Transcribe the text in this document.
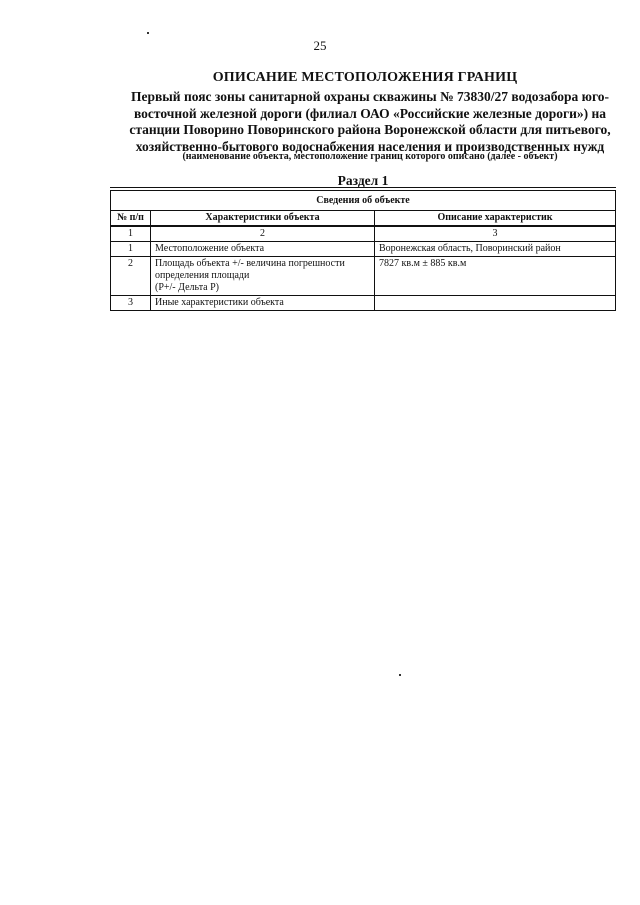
25
ОПИСАНИЕ МЕСТОПОЛОЖЕНИЯ ГРАНИЦ
Первый пояс зоны санитарной охраны скважины № 73830/27 водозабора юго-
восточной железной дороги (филиал ОАО «Российские железные дороги») на
станции Поворино Поворинского района Воронежской области для питьевого,
хозяйственно-бытового водоснабжения населения и производственных нужд
(наименование объекта, местоположение границ которого описано (далее - объект)
Раздел 1
Сведения об объекте		
№ п/п	Характеристики объекта	Описание характеристик
1	2	3
1	Местоположение объекта	Воронежская область, Поворинский район
2	Площадь объекта +/- величина погрешности
определения площади
(Р+/- Дельта Р)	7827 кв.м ± 885 кв.м
3	Иные характеристики объекта	
